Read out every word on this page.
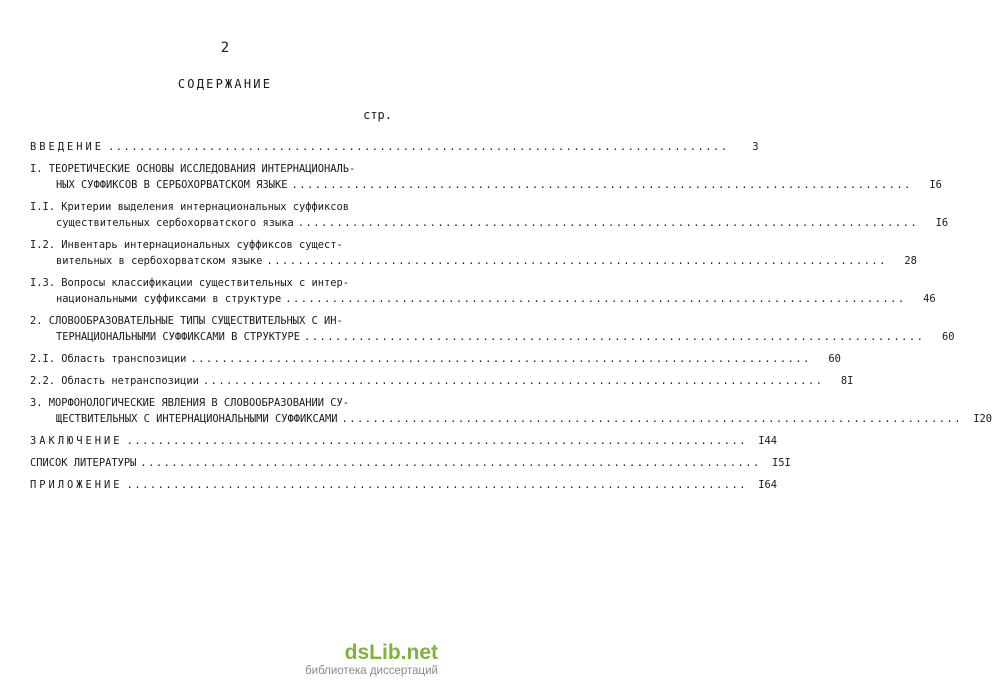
2
СОДЕРЖАНИЕ
стр.
ВВЕДЕНИЕ ................................................................................	3
I. ТЕОРЕТИЧЕСКИЕ ОСНОВЫ ИССЛЕДОВАНИЯ ИНТЕРНАЦИОНАЛЬ-
НЫХ СУФФИКСОВ В СЕРБОХОРВАТСКОМ ЯЗЫКЕ ................................................................................	I6
I.I. Критерии выделения интернациональных суффиксов
существительных сербохорватского языка ................................................................................	I6
I.2. Инвентарь интернациональных суффиксов сущест-
вительных в сербохорватском языке ................................................................................	28
I.3. Вопросы классификации существительных с интер-
национальными суффиксами в структуре ................................................................................	46
2. СЛОВООБРАЗОВАТЕЛЬНЫЕ ТИПЫ СУЩЕСТВИТЕЛЬНЫХ С ИН-
ТЕРНАЦИОНАЛЬНЫМИ СУФФИКСАМИ В СТРУКТУРЕ ................................................................................	60
2.I. Область транспозиции ................................................................................	60
2.2. Область нетранспозиции ................................................................................	8I
3. МОРФОНОЛОГИЧЕСКИЕ ЯВЛЕНИЯ В СЛОВООБРАЗОВАНИИ СУ-
ЩЕСТВИТЕЛЬНЫХ С ИНТЕРНАЦИОНАЛЬНЫМИ СУФФИКСАМИ ................................................................................	I20
ЗАКЛЮЧЕНИЕ ................................................................................	I44
СПИСОК ЛИТЕРАТУРЫ ................................................................................	I5I
ПРИЛОЖЕНИЕ ................................................................................	I64
dsLib.net
библиотека диссертаций
